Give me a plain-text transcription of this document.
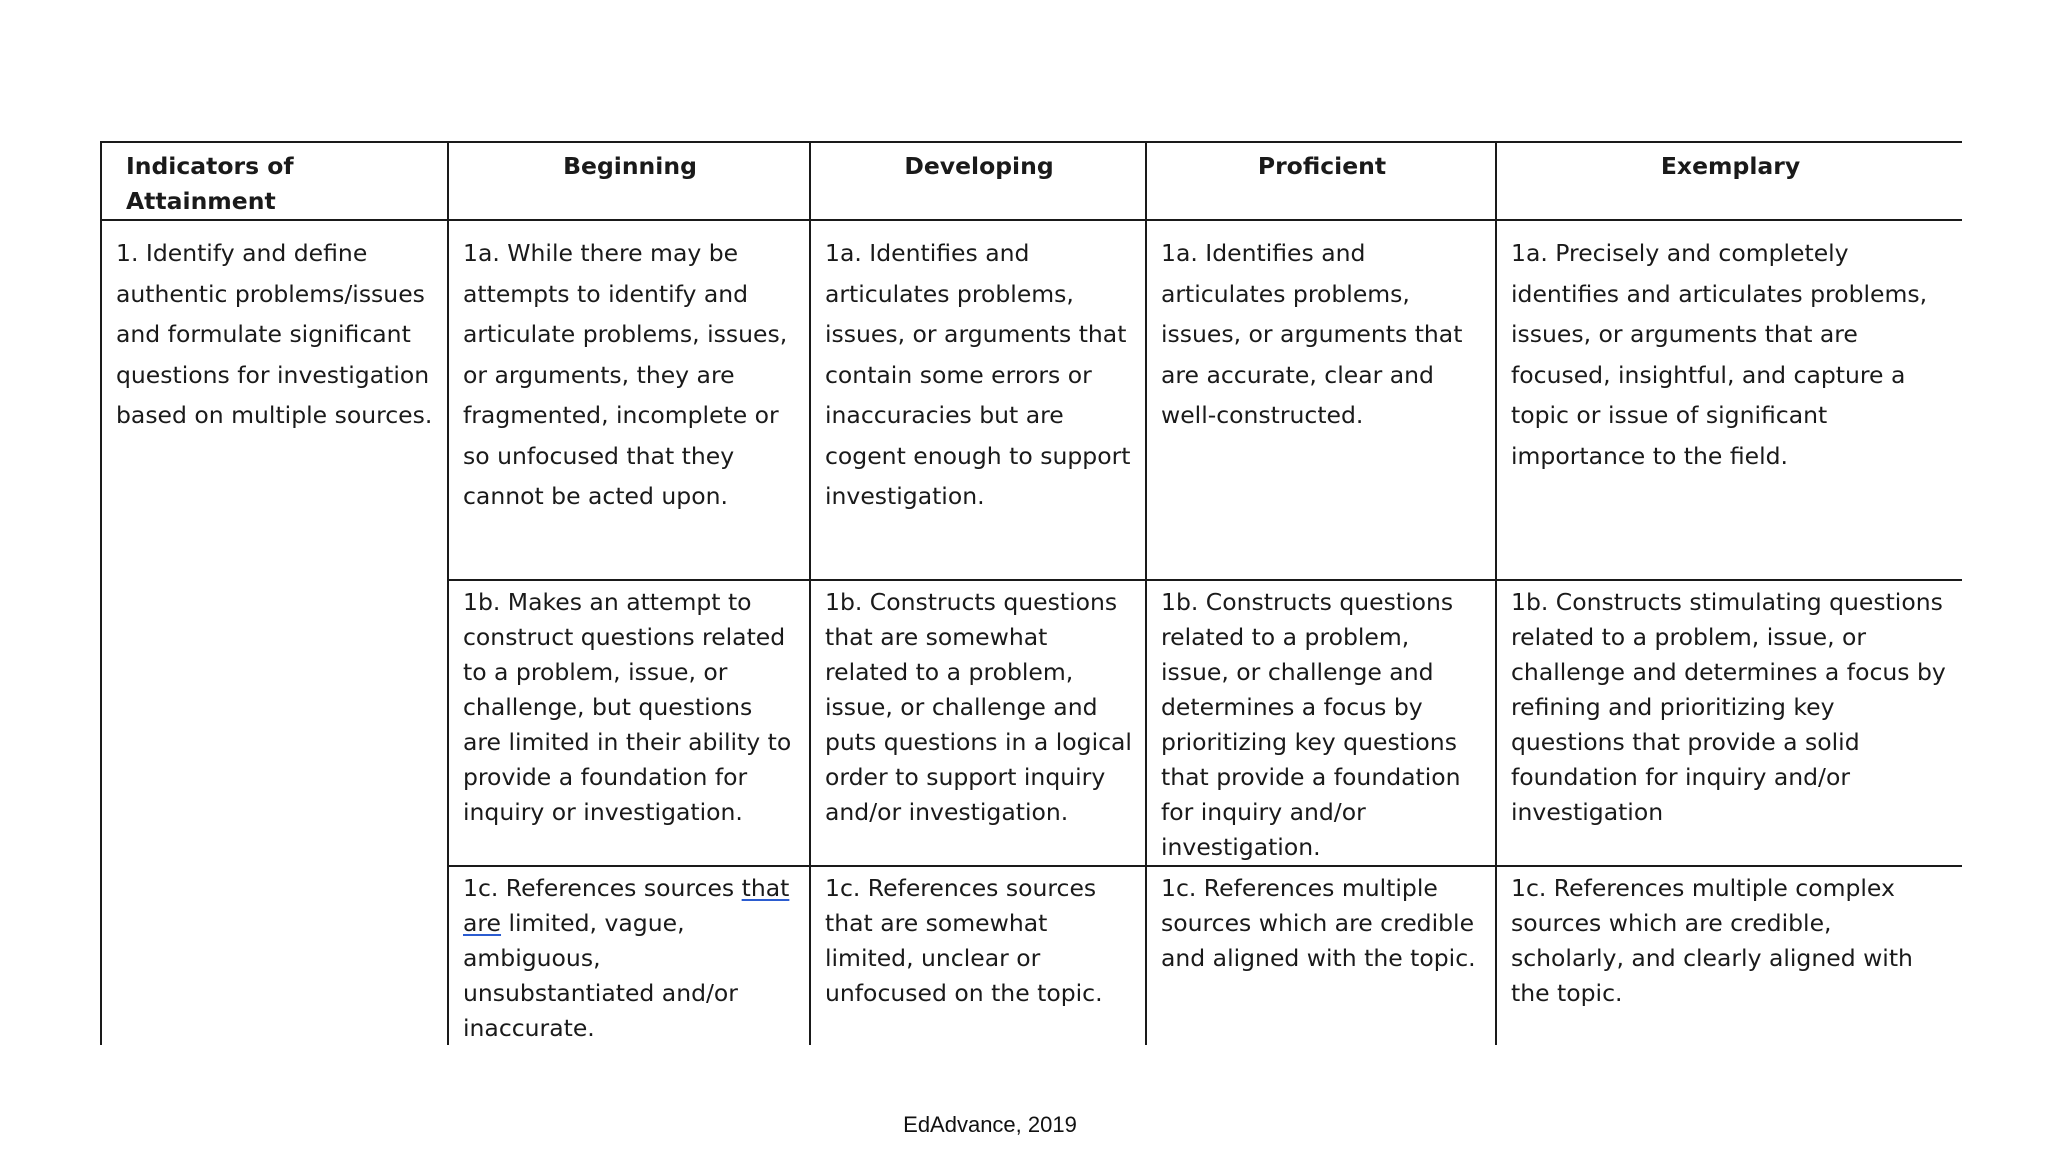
Indicators of Attainment	Beginning	Developing	Proficient	Exemplary
1. Identify and define authentic problems/issues and formulate significant questions for investigation based on multiple sources.	1a. While there may be attempts to identify and articulate problems, issues, or arguments, they are fragmented, incomplete or so unfocused that they cannot be acted upon.	1a. Identifies and articulates problems, issues, or arguments that contain some errors or inaccuracies but are cogent enough to support investigation.	1a. Identifies and articulates problems, issues, or arguments that are accurate, clear and well-constructed.	1a. Precisely and completely identifies and articulates problems, issues, or arguments that are focused, insightful, and capture a topic or issue of significant importance to the field.
	1b. Makes an attempt to construct questions related to a problem, issue, or challenge, but questions are limited in their ability to provide a foundation for inquiry or investigation.	1b. Constructs questions that are somewhat related to a problem, issue, or challenge and puts questions in a logical order to support inquiry and/or investigation.	1b. Constructs questions related to a problem, issue, or challenge and determines a focus by prioritizing key questions that provide a foundation for inquiry and/or investigation.	1b. Constructs stimulating questions related to a problem, issue, or challenge and determines a focus by refining and prioritizing key questions that provide a solid foundation for inquiry and/or investigation
	1c. References sources that are limited, vague, ambiguous, unsubstantiated and/or inaccurate.	1c. References sources that are somewhat limited, unclear or unfocused on the topic.	1c. References multiple sources which are credible and aligned with the topic.	1c. References multiple complex sources which are credible, scholarly, and clearly aligned with the topic.

EdAdvance, 2019
